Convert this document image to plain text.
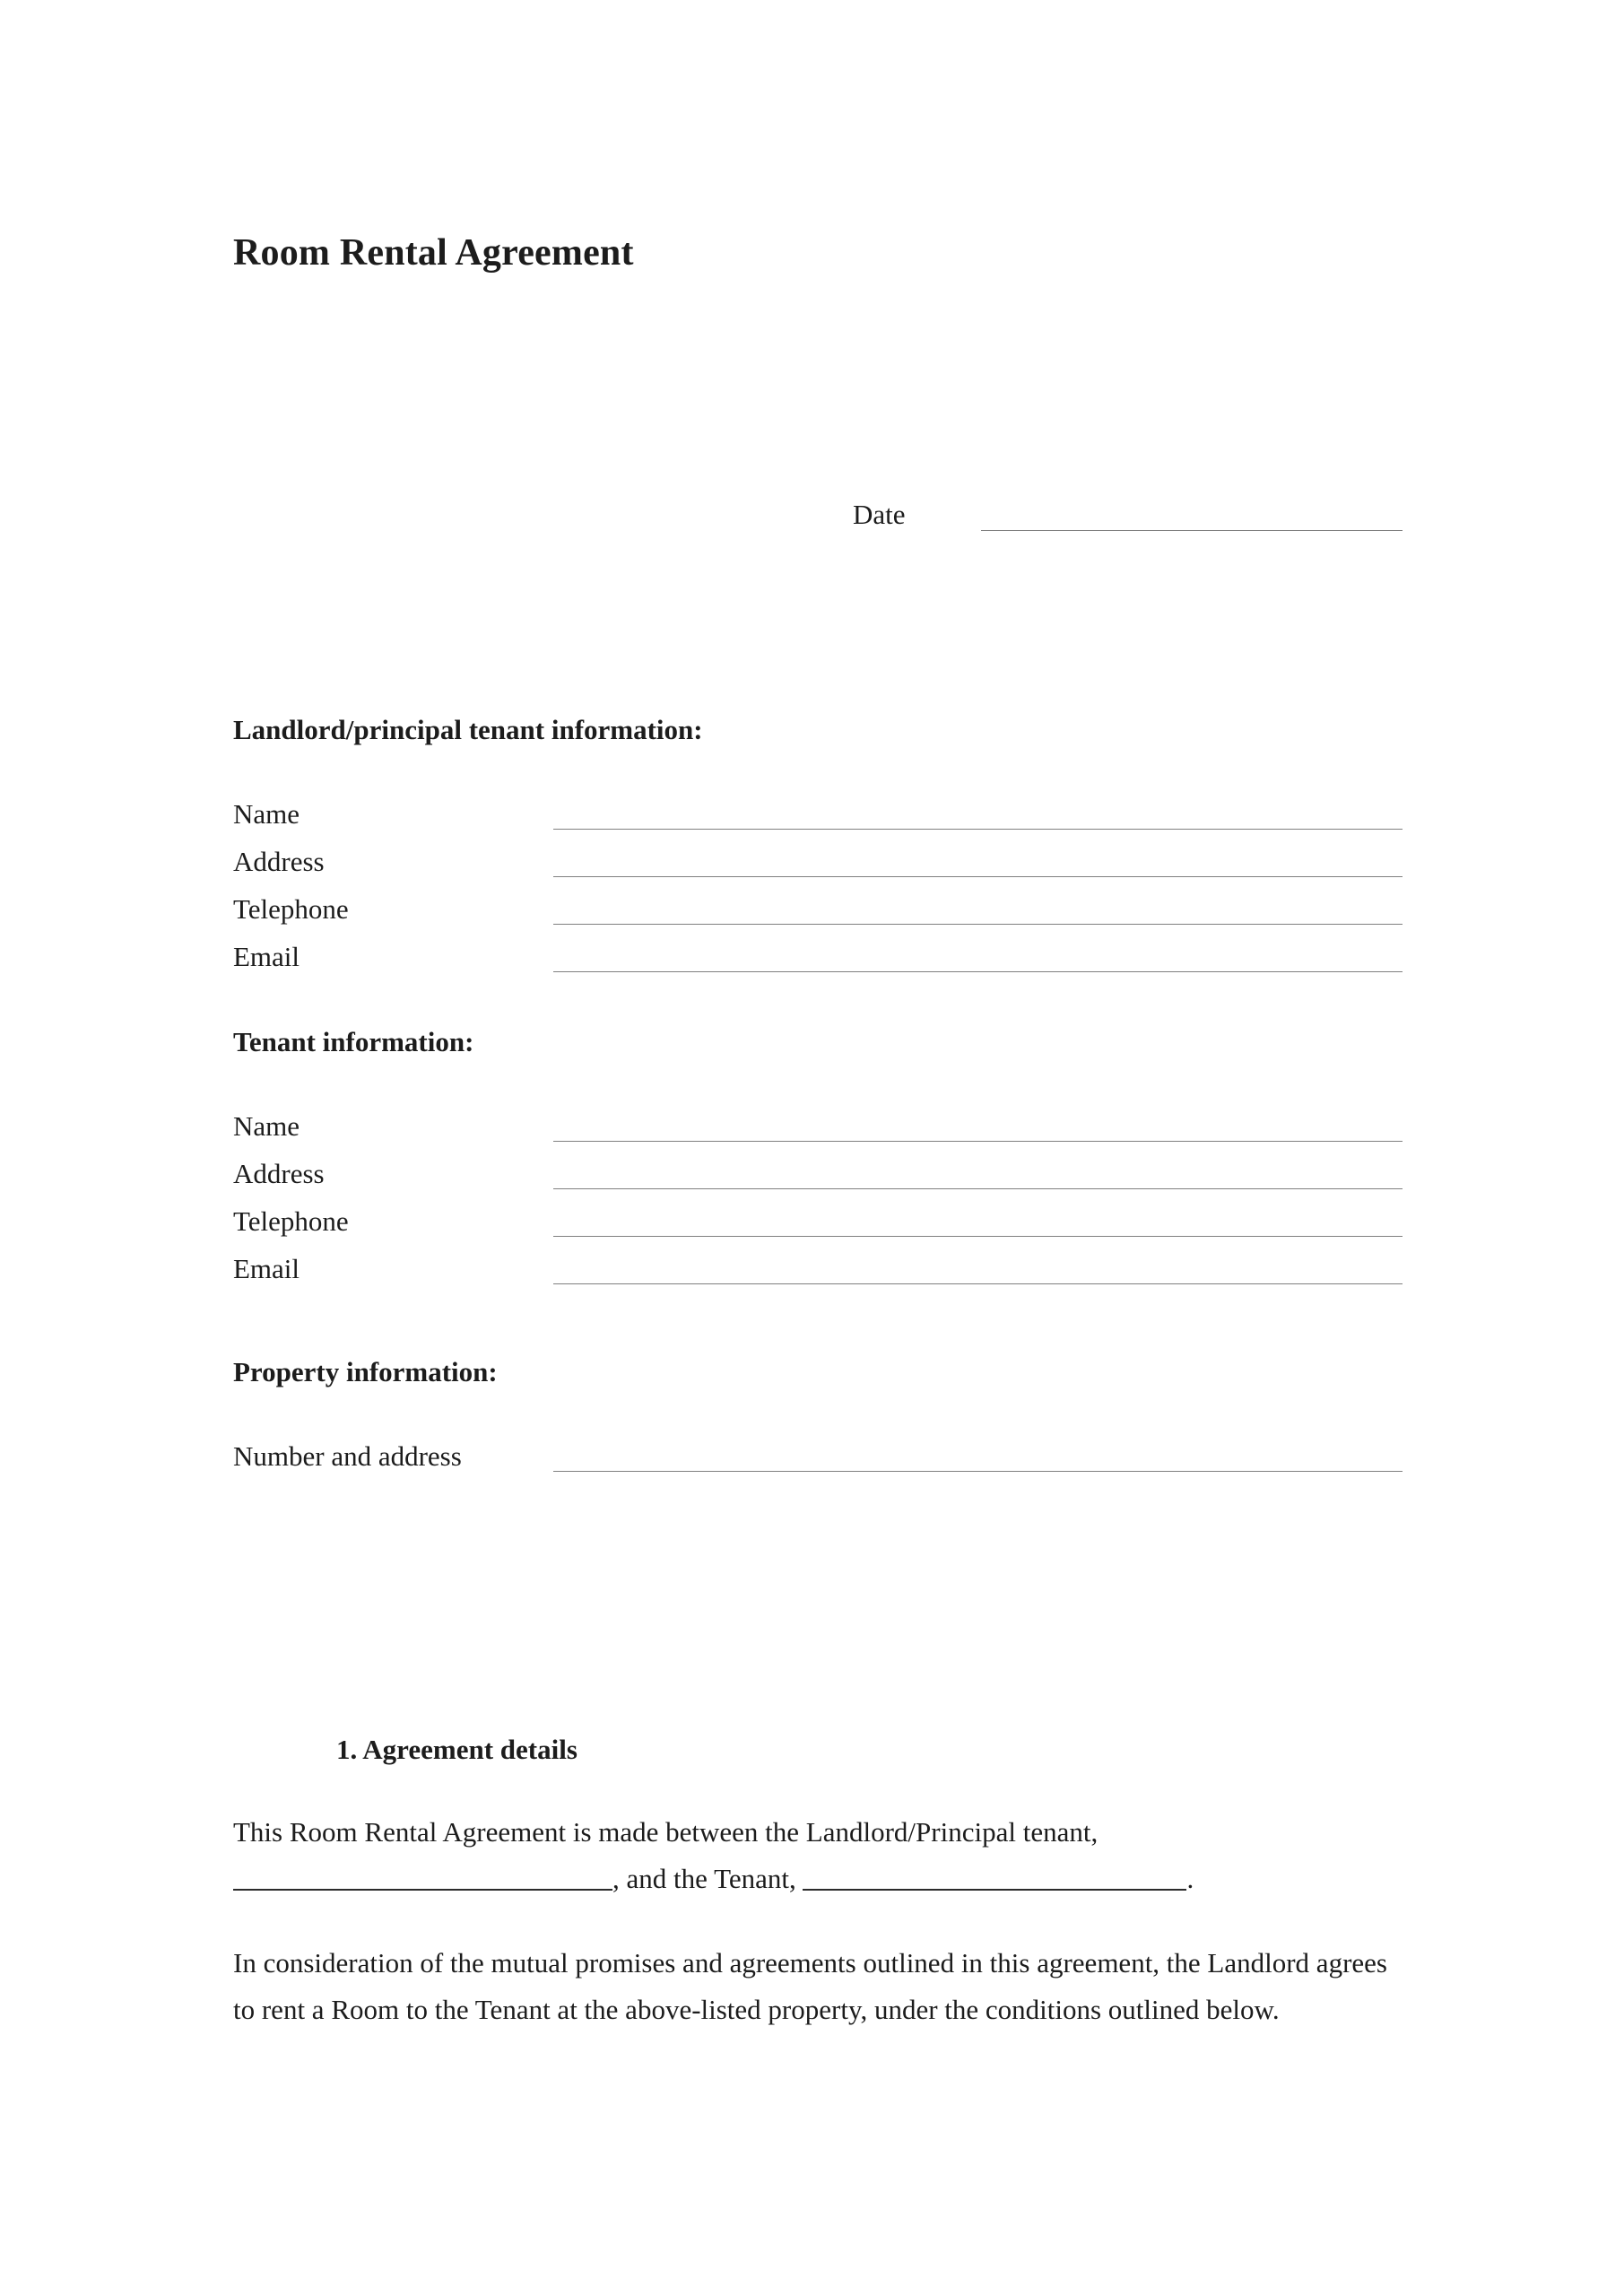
Room Rental Agreement
Date
Landlord/principal tenant information:
Name
Address
Telephone
Email
Tenant information:
Name
Address
Telephone
Email
Property information:
Number and address
1. Agreement details

This Room Rental Agreement is made between the Landlord/Principal tenant, , and the Tenant,	.

In consideration of the mutual promises and agreements outlined in this agreement, the Landlord agrees to rent a Room to the Tenant at the above-listed property, under the conditions outlined below.
